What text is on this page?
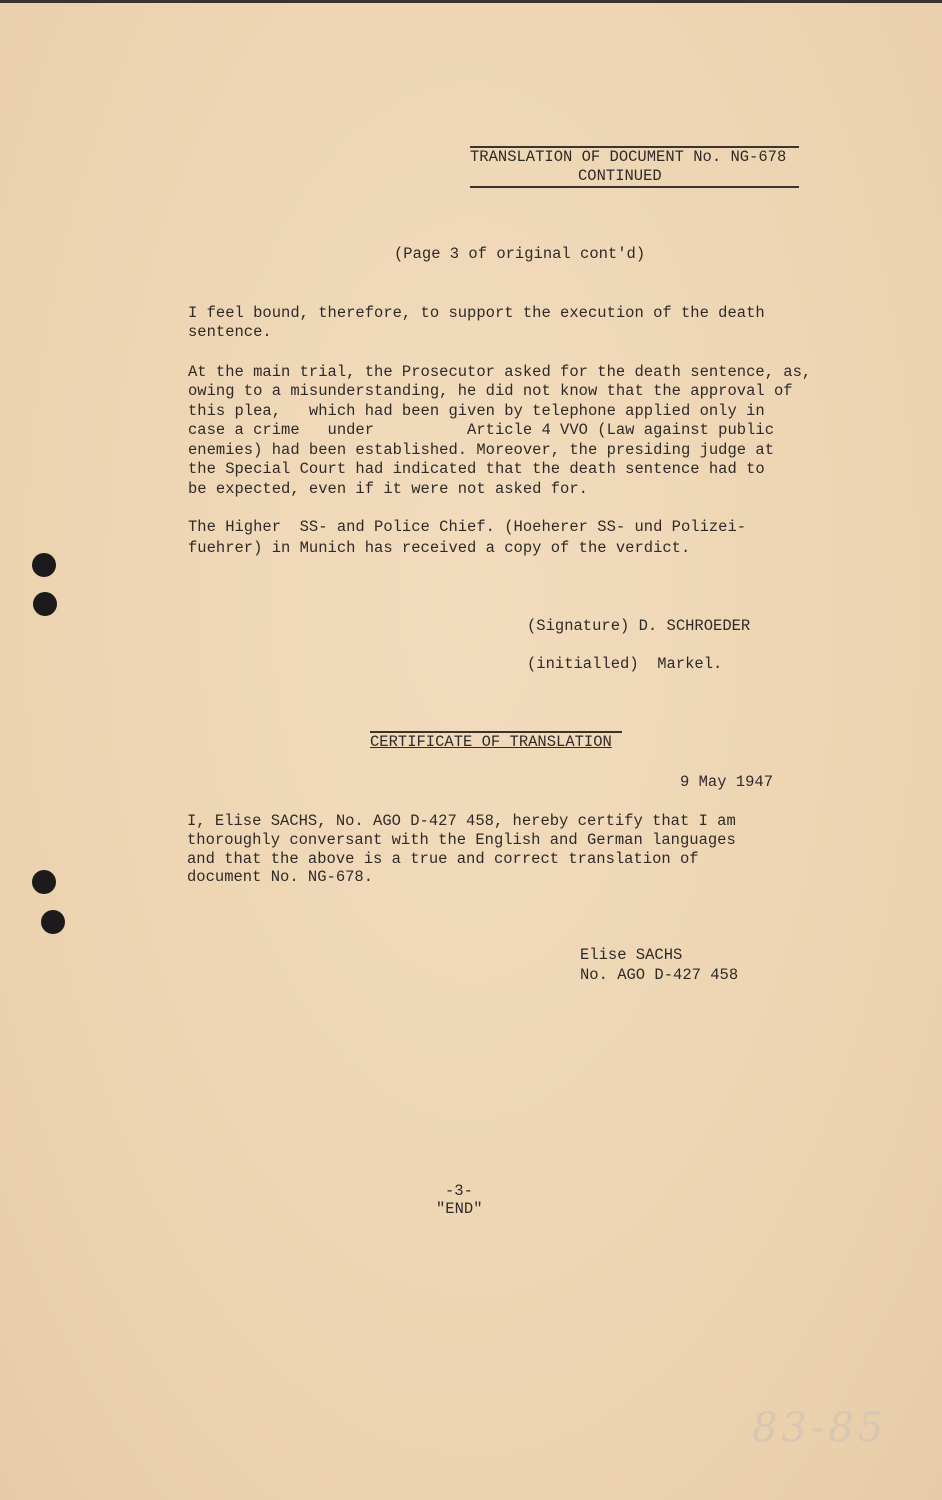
TRANSLATION OF DOCUMENT No. NG-678
CONTINUED
(Page 3 of original cont'd)
I feel bound, therefore, to support the execution of the death
sentence.
At the main trial, the Prosecutor asked for the death sentence, as,
owing to a misunderstanding, he did not know that the approval of
this plea,   which had been given by telephone applied only in
case a crime   under          Article 4 VVO (Law against public
enemies) had been established. Moreover, the presiding judge at
the Special Court had indicated that the death sentence had to
be expected, even if it were not asked for.
The Higher  SS- and Police Chief. (Hoeherer SS- und Polizei-
fuehrer) in Munich has received a copy of the verdict.
(Signature) D. SCHROEDER
(initialled)  Markel.
CERTIFICATE OF TRANSLATION
9 May 1947
I, Elise SACHS, No. AGO D-427 458, hereby certify that I am
thoroughly conversant with the English and German languages
and that the above is a true and correct translation of
document No. NG-678.
Elise SACHS
No. AGO D-427 458
-3-
"END"
83-85
